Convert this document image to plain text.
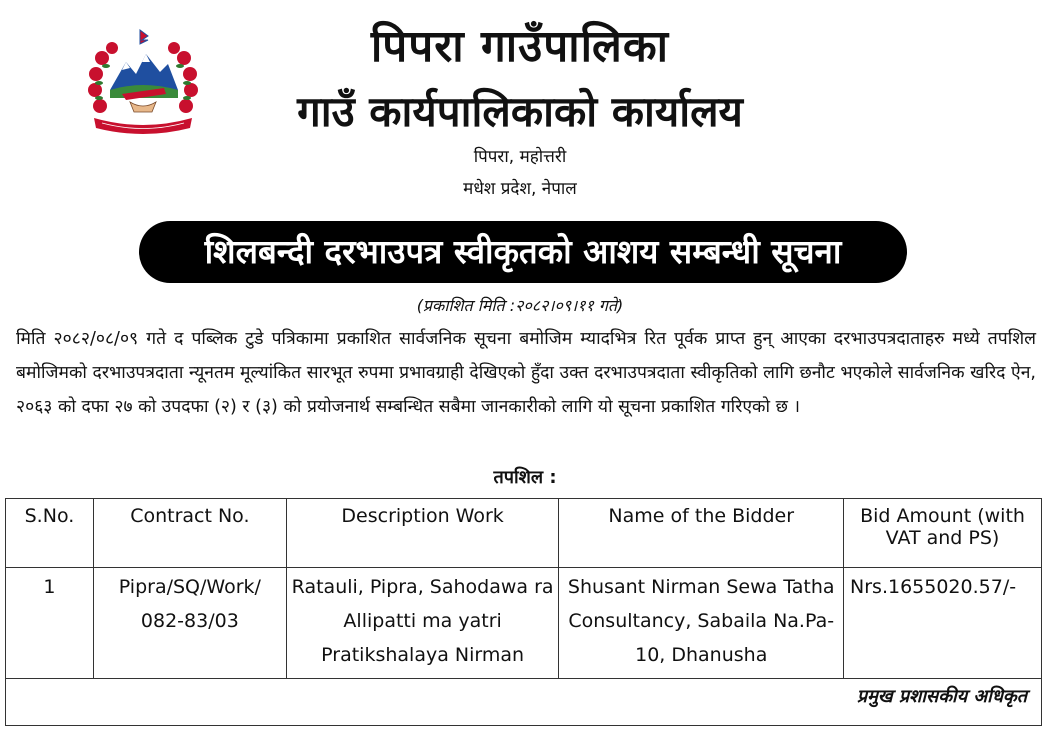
पिपरा गाउँपालिका
गाउँ कार्यपालिकाको कार्यालय
पिपरा, महोत्तरी
मधेश प्रदेश, नेपाल
शिलबन्दी दरभाउपत्र स्वीकृतको आशय सम्बन्धी सूचना
(प्रकाशित मिति :२०८२।०९।११ गते)
मिति २०८२/०८/०९ गते द पब्लिक टुडे पत्रिकामा प्रकाशित सार्वजनिक सूचना बमोजिम म्यादभित्र रित पूर्वक प्राप्त हुन् आएका दरभाउपत्रदाताहरु मध्ये तपशिल बमोजिमको दरभाउपत्रदाता न्यूनतम मूल्यांकित सारभूत रुपमा प्रभावग्राही देखिएको हुँदा उक्त दरभाउपत्रदाता स्वीकृतिको लागि छनौट भएकोले सार्वजनिक खरिद ऐन, २०६३ को दफा २७ को उपदफा (२) र (३) को प्रयोजनार्थ सम्बन्धित सबैमा जानकारीको लागि यो सूचना प्रकाशित गरिएको छ ।
तपशिल :
S.No.	Contract No.	Description Work	Name of the Bidder	Bid Amount (with VAT and PS)
1	Pipra/SQ/Work/ 082-83/03	Ratauli, Pipra, Sahodawa ra Allipatti ma yatri Pratikshalaya Nirman	Shusant Nirman Sewa Tatha Consultancy, Sabaila Na.Pa-10, Dhanusha	Nrs.1655020.57/-
प्रमुख प्रशासकीय अधिकृत
